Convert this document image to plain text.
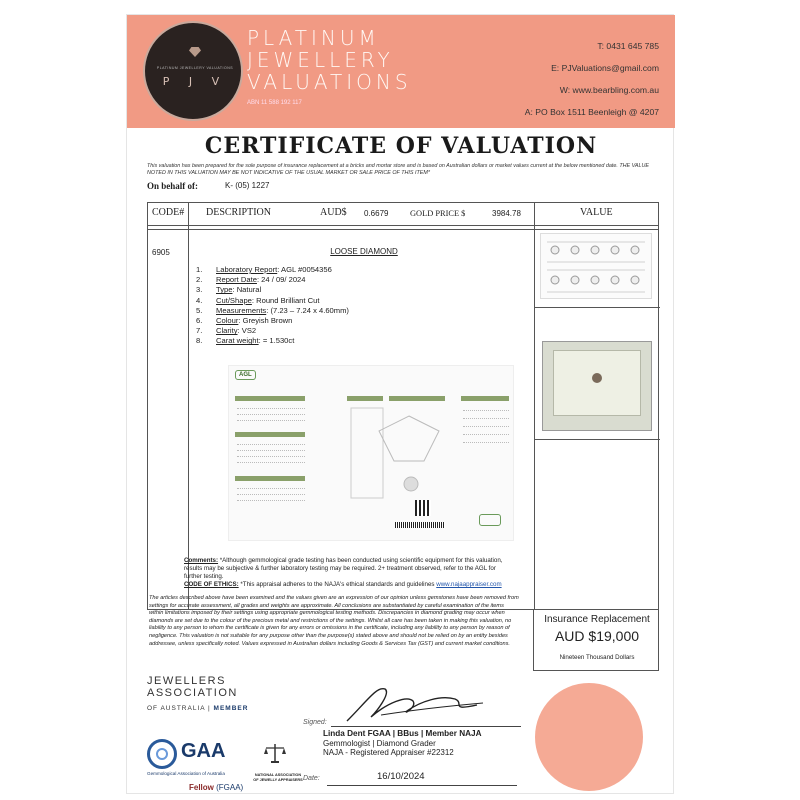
PLATINUM JEWELLERY VALUATIONS
P J V
PLATINUM
JEWELLERY
VALUATIONS
ABN 11 588 192 117
T: 0431 645 785
E: PJValuations@gmail.com
W: www.bearbling.com.au
A: PO Box 1511 Beenleigh @ 4207
CERTIFICATE OF VALUATION
This valuation has been prepared for the sole purpose of insurance replacement at a bricks and mortar store and is based on Australian dollars or market values current at the below mentioned date. THE VALUE NOTED IN THIS VALUATION MAY BE NOT INDICATIVE OF THE USUAL MARKET OR SALE PRICE OF THIS ITEM*
On behalf of:	K- (05) 1227
CODE# DESCRIPTION	AUD$ 0.6679	GOLD PRICE $	3984.78	VALUE
6905	LOOSE DIAMOND
1. Laboratory Report: AGL #0054356
2. Report Date: 24 / 09/ 2024
3. Type: Natural
4. Cut/Shape: Round Brilliant Cut
5. Measurements: (7.23 – 7.24 x 4.60mm)
6. Colour: Greyish Brown
7. Clarity: VS2
8. Carat weight: = 1.530ct
AGL
Comments: *Although gemmological grade testing has been conducted using scientific equipment for this valuation, results may be subjective & further laboratory testing may be required. 2+ treatment observed, refer to the AGL for further testing.
CODE OF ETHICS: *This appraisal adheres to the NAJA's ethical standards and guidelines www.najaappraiser.com
The articles described above have been examined and the values given are an expression of our opinion unless gemstones have been removed from settings for accurate assessment, all grades and weights are approximate. All conclusions are substantiated by careful examination of the items within limitations imposed by their settings using appropriate gemmological testing methods. Discrepancies in diamond grading may occur when diamonds are set due to the colour of the precious metal and restrictions of the settings. Whilst all care has been taken in making this valuation, no liability to any person to whom the certificate is given for any errors or omissions in the certificate, including any liability to any person by reason of negligence. This valuation is not suitable for any purpose other than the purpose(s) stated above and should not be relied on by an entity besides addressee, unless specifically noted. Values expressed in Australian dollars including Goods & Services Tax (GST) and current market conditions.
Insurance Replacement
AUD $19,000
Nineteen Thousand Dollars
JEWELLERS
ASSOCIATION
OF AUSTRALIA | MEMBER
GAA
Gemmological Association of Australia
Fellow (FGAA)
NATIONAL ASSOCIATION OF JEWELLY APPRAISERS
Signed:
Linda Dent FGAA | BBus | Member NAJA
Gemmologist | Diamond Grader
NAJA - Registered Appraiser #22312
Date:	16/10/2024
